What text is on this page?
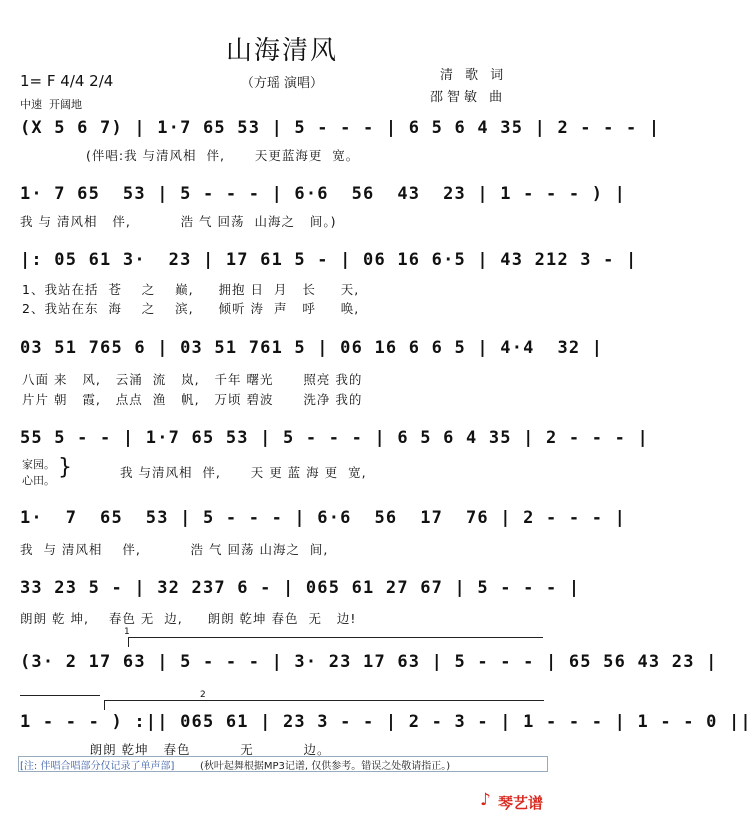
山海清风
（方瑶 演唱）
清 歌 词
邵智敏 曲
1= F 4/4 2/4
中速  开阔地
(X 5 6 7) | 1·7 65 53 | 5 - - - | 6 5 6 4 35 | 2 - - - |
(伴唱:我 与清风相  伴,      天更蓝海更  宽。
1· 7 65  53 | 5 - - - | 6·6  56  43  23 | 1 - - - ) |
我 与 清风相   伴,          浩 气 回荡  山海之   间。)
|: 05 61 3·  23 | 17 61 5 - | 06 16 6·5 | 43 212 3 - |
1、我站在括  苍    之    巅,     拥抱 日  月   长     天,
2、我站在东  海    之    滨,     倾听 涛  声   呼     唤,
03 51 765 6 | 03 51 761 5 | 06 16 6 6 5 | 4·4  32 |
八面 来   风,   云涌  流   岚,   千年 曙光      照亮 我的
片片 朝   霞,   点点  渔   帆,   万顷 碧波      洗净 我的
55 5 - - | 1·7 65 53 | 5 - - - | 6 5 6 4 35 | 2 - - - |
家园。
心田。
}	我 与清风相  伴,      天 更 蓝 海 更  宽,
1·  7  65  53 | 5 - - - | 6·6  56  17  76 | 2 - - - |
我  与 清风相    伴,          浩 气 回荡 山海之  间,
33 23 5 - | 32 237 6 - | 065 61 27 67 | 5 - - - |
朗朗 乾 坤,    春色 无  边,     朗朗 乾坤 春色  无   边!
1
(3· 2 17 63 | 5 - - - | 3· 23 17 63 | 5 - - - | 65 56 43 23 |
2
1 - - - ) :|| 065 61 | 23 3 - - | 2 - 3 - | 1 - - - | 1 - - 0 ||
朗朗 乾坤   春色          无          边。
[注: 伴唱合唱部分仅记录了单声部]	(秋叶起舞根据MP3记谱, 仅供参考。错误之处敬请指正。)
♪ 琴艺谱
